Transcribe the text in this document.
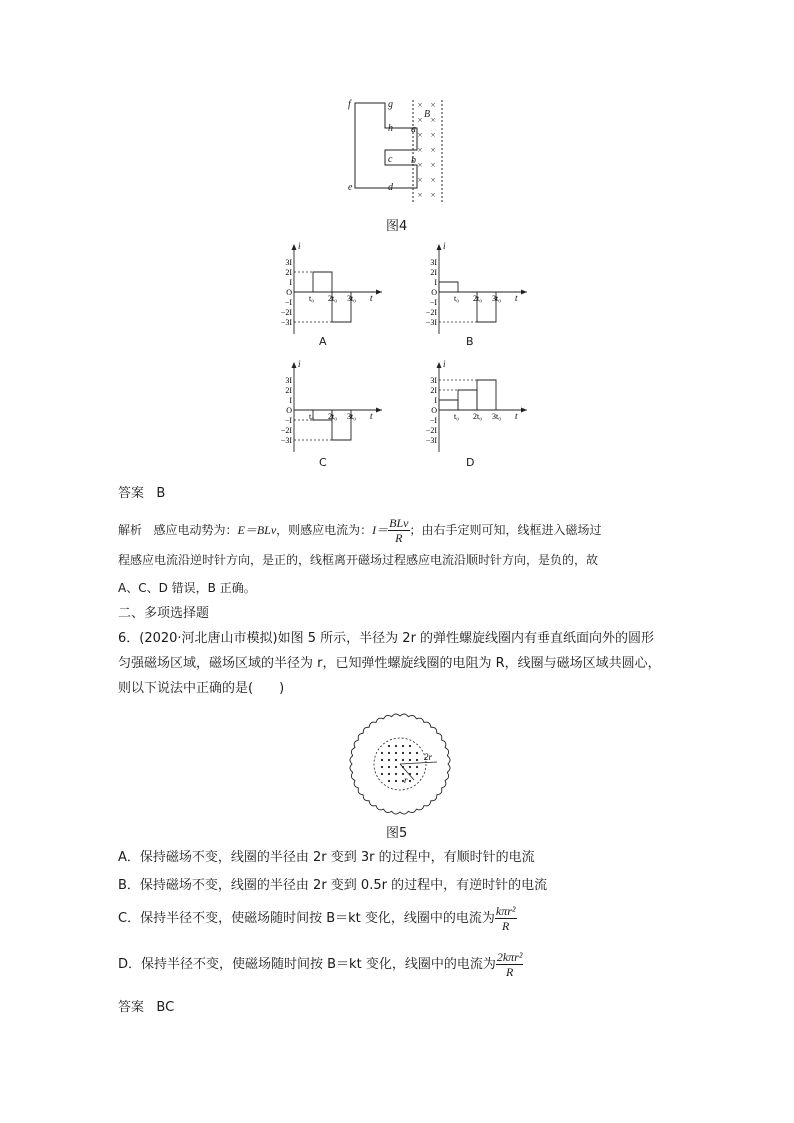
× ×
× ×
× ×
× ×
× ×
× ×
× ×
f	g
h a
B
b
c
e	d
图4
i
t
3I
2I
I
O
−I
−2I
−3I
t₀ 2t₀ 3t₀
i
t
3I
2I
I
O
−I
−2I
−3I
t₀ 2t₀ 3t₀
i
t
3I
2I
I
O
−I
−2I
−3I
t₀ 2t₀ 3t₀
i
t
3I
2I
I
O
−I
−2I
−3I
t₀ 2t₀ 3t₀
A	B
C	D
答案 B
解析 感应电动势为：E＝BLv，则感应电流为：$I= \frac{\text{BLv}}{R}$ ；由右手定则可知，线框进入磁场过
程感应电流沿逆时针方向，是正的，线框离开磁场过程感应电流沿顺时针方向，是负的，故
A、C、D 错误，B 正确。
二、多项选择题
6．(2020·河北唐山市模拟)如图 5 所示，半径为 2r 的弹性螺旋线圈内有垂直纸面向外的圆形
匀强磁场区域，磁场区域的半径为 r，已知弹性螺旋线圈的电阻为 R，线圈与磁场区域共圆心，
则以下说法中正确的是(　　)
2r
r
图5
A．保持磁场不变，线圈的半径由 2r 变到 3r 的过程中，有顺时针的电流
B．保持磁场不变，线圈的半径由 2r 变到 0.5r 的过程中，有逆时针的电流
C．保持半径不变，使磁场随时间按 B＝kt 变化，线圈中的电流为 $\frac{\text{kπr²}}{R}$
D．保持半径不变，使磁场随时间按 B＝kt 变化，线圈中的电流为 $\frac{\text{2kπr²}}{R}$
答案 BC
